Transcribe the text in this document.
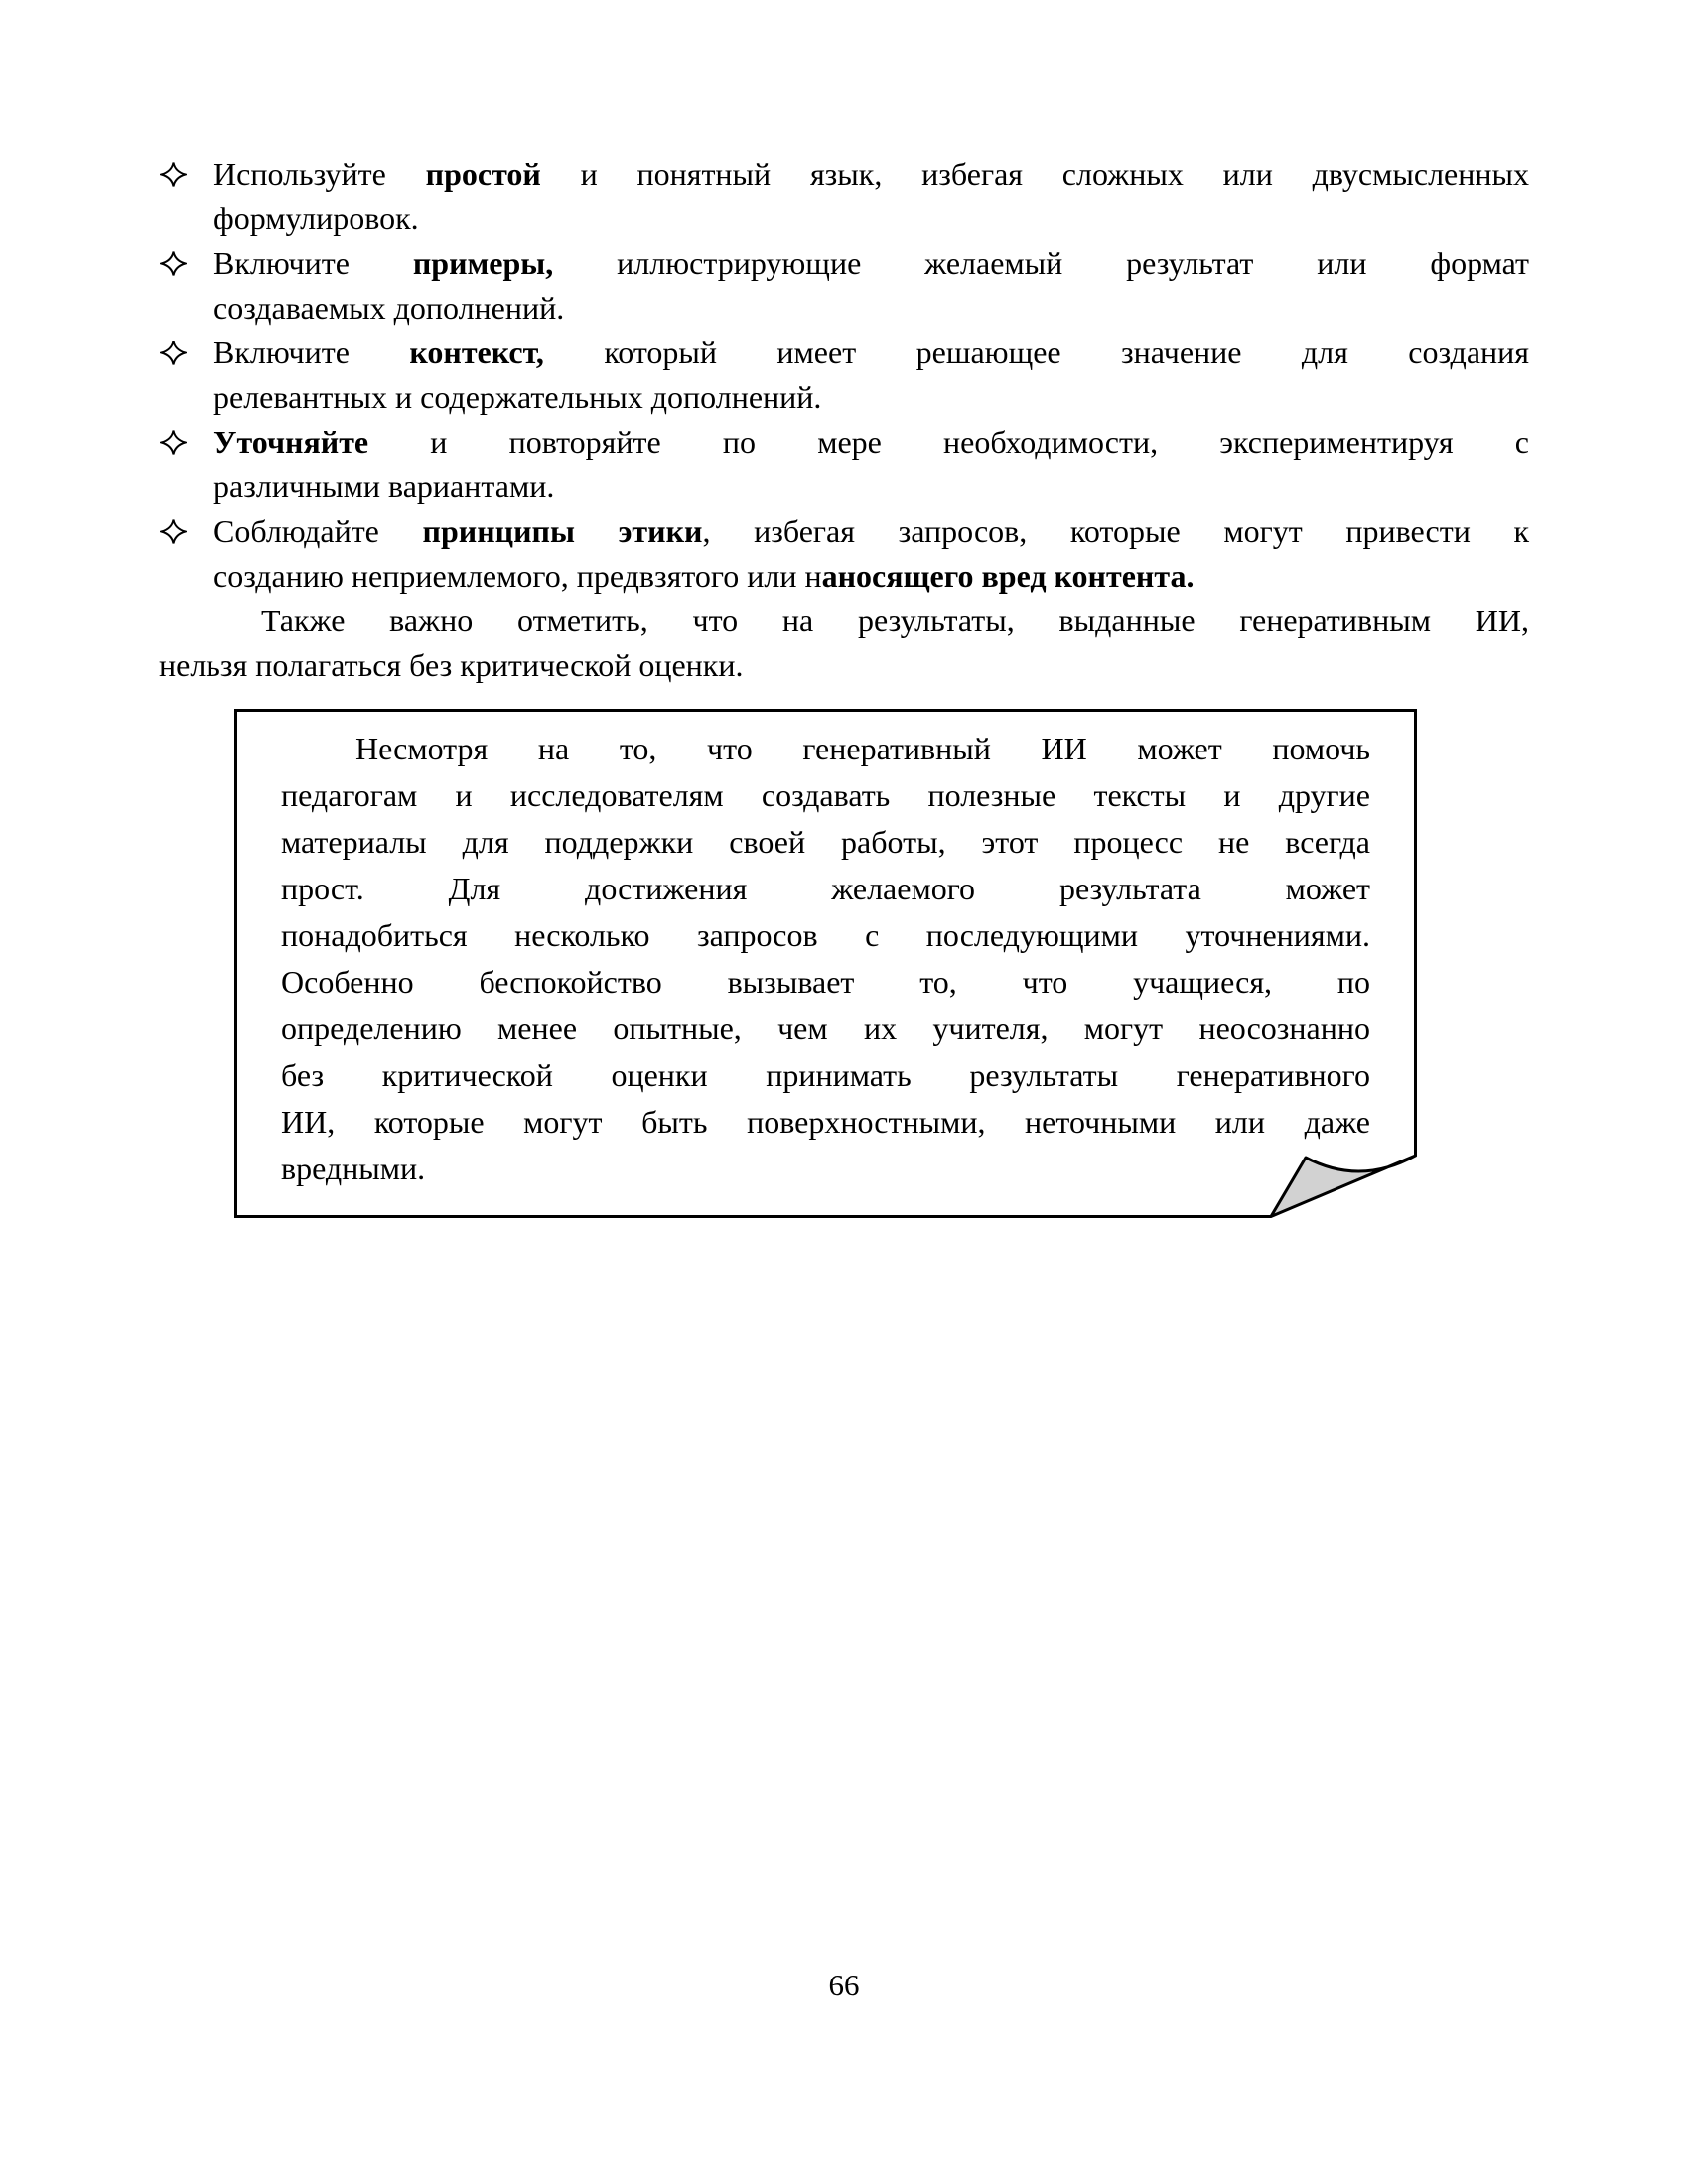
Используйте простой и понятный язык, избегая сложных или двусмысленных
формулировок.
Включите примеры, иллюстрирующие желаемый результат или формат
создаваемых дополнений.
Включите контекст, который имеет решающее значение для создания
релевантных и содержательных дополнений.
Уточняйте и повторяйте по мере необходимости, экспериментируя с
различными вариантами.
Соблюдайте принципы этики, избегая запросов, которые могут привести к
созданию неприемлемого, предвзятого или наносящего вред контента.
Также важно отметить, что на результаты, выданные генеративным ИИ,
нельзя полагаться без критической оценки.
Несмотря на то, что генеративный ИИ может помочь
педагогам и исследователям создавать полезные тексты и другие
материалы для поддержки своей работы, этот процесс не всегда
прост. Для достижения желаемого результата может
понадобиться несколько запросов с последующими уточнениями.
Особенно беспокойство вызывает то, что учащиеся, по
определению менее опытные, чем их учителя, могут неосознанно
без критической оценки принимать результаты генеративного
ИИ, которые могут быть поверхностными, неточными или даже
вредными.
66
